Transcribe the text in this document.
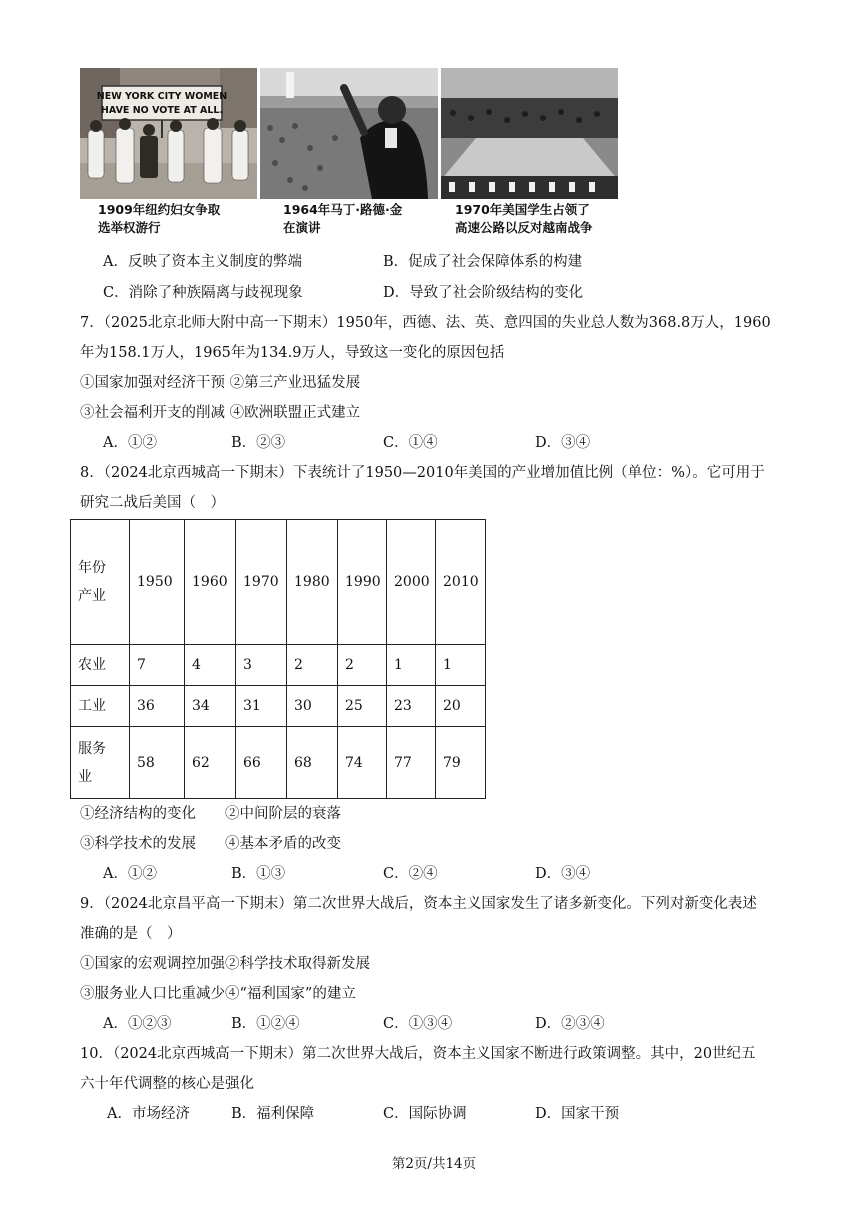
NEW YORK CITY WOMEN
HAVE NO VOTE AT ALL.
1909年纽约妇女争取
选举权游行
1964年马丁·路德·金
在演讲
1970年美国学生占领了
高速公路以反对越南战争
A．反映了资本主义制度的弊端	B．促成了社会保障体系的构建
C．消除了种族隔离与歧视现象	D．导致了社会阶级结构的变化
7．（2025北京北师大附中高一下期末）1950年，西德、法、英、意四国的失业总人数为368.8万人，1960
年为158.1万人，1965年为134.9万人，导致这一变化的原因包括
①国家加强对经济干预 ②第三产业迅猛发展
③社会福利开支的削减 ④欧洲联盟正式建立
A．①②	B．②③	C．①④	D．③④
8．（2024北京西城高一下期末）下表统计了1950—2010年美国的产业增加值比例（单位：%）。它可用于
研究二战后美国（　）
年份
产业	1950	1960	1970	1980	1990	2000	2010
农业	7	4	3	2	2	1	1
工业	36	34	31	30	25	23	20

服务
业	58	62	66	68	74	77	79
①经济结构的变化　　②中间阶层的衰落
③科学技术的发展　　④基本矛盾的改变
A．①②	B．①③	C．②④	D．③④
9．（2024北京昌平高一下期末）第二次世界大战后，资本主义国家发生了诸多新变化。下列对新变化表述
准确的是（　）
①国家的宏观调控加强②科学技术取得新发展
③服务业人口比重减少④“福利国家”的建立
A．①②③	B．①②④	C．①③④	D．②③④
10．（2024北京西城高一下期末）第二次世界大战后，资本主义国家不断进行政策调整。其中，20世纪五
六十年代调整的核心是强化
A．市场经济	B．福利保障	C．国际协调	D．国家干预
第2页/共14页
